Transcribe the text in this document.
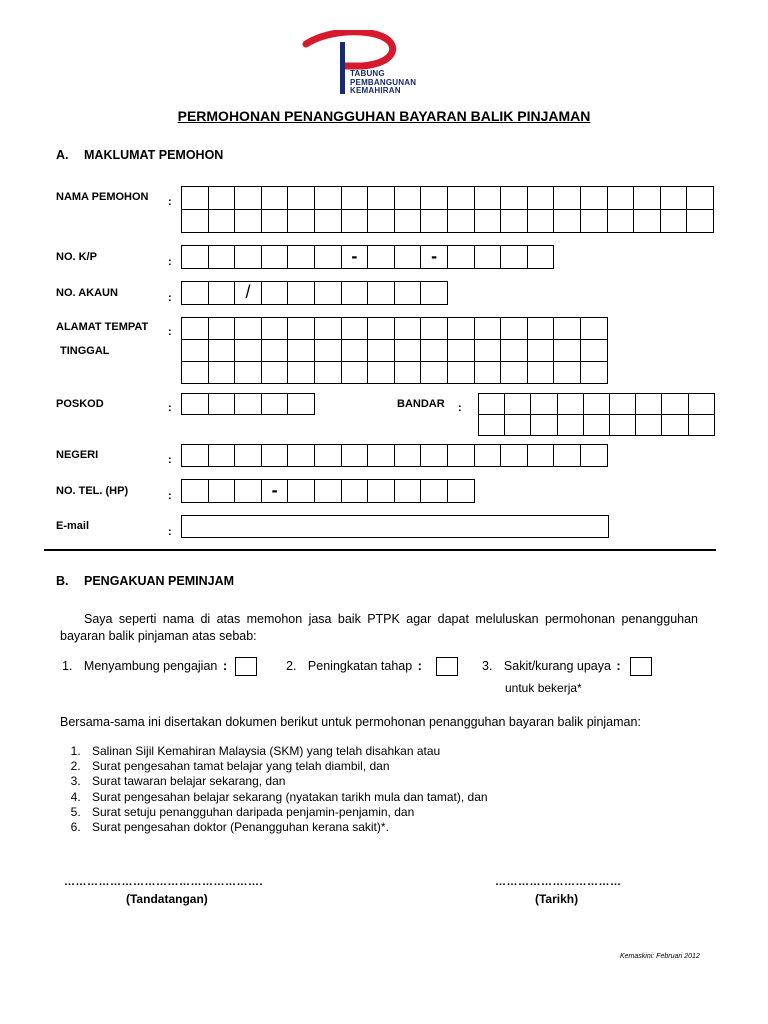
TABUNG
PEMBANGUNAN
KEMAHIRAN
PERMOHONAN PENANGGUHAN BAYARAN BALIK PINJAMAN
A. MAKLUMAT PEMOHON
NAMA PEMOHON :
NO. K/P	:	-	-
NO. AKAUN	:	/
ALAMAT TEMPAT
TINGGAL
:
POSKOD	:	BANDAR :
NEGERI	:
NO. TEL. (HP)	:	-
E-mail	:
B. PENGAKUAN PEMINJAM
Saya seperti nama di atas memohon jasa baik PTPK agar dapat meluluskan permohonan penangguhan bayaran balik pinjaman atas sebab:
1. Menyambung pengajian :	2. Peningkatan tahap :	3. Sakit/kurang upaya :
untuk bekerja*
Bersama-sama ini disertakan dokumen berikut untuk permohonan penangguhan bayaran balik pinjaman:
1. Salinan Sijil Kemahiran Malaysia (SKM) yang telah disahkan atau
2. Surat pengesahan tamat belajar yang telah diambil, dan
3. Surat tawaran belajar sekarang, dan
4. Surat pengesahan belajar sekarang (nyatakan tarikh mula dan tamat), dan
5. Surat setuju penangguhan daripada penjamin-penjamin, dan
6. Surat pengesahan doktor (Penangguhan kerana sakit)*.
…………………………………………….
(Tandatangan)
……………………………
(Tarikh)
Kemaskini: Februari 2012
